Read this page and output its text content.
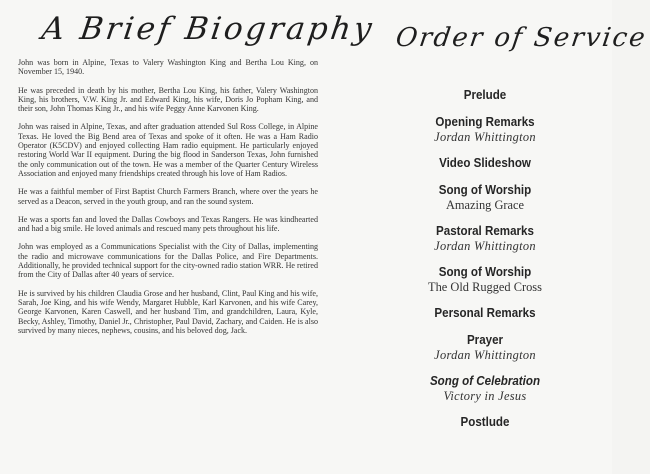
A Brief Biography

John was born in Alpine, Texas to Valery Washington King and Bertha Lou King, on November 15, 1940.

He was preceded in death by his mother, Bertha Lou King, his father, Valery Washington King, his brothers, V.W. King Jr. and Edward King, his wife, Doris Jo Popham King, and their son, John Thomas King Jr., and his wife Peggy Anne Karvonen King.

John was raised in Alpine, Texas, and after graduation attended Sul Ross College, in Alpine Texas. He loved the Big Bend area of Texas and spoke of it often. He was a Ham Radio Operator (K5CDV) and enjoyed collecting Ham radio equipment. He particularly enjoyed restoring World War II equipment. During the big flood in Sanderson Texas, John furnished the only communication out of the town. He was a member of the Quarter Century Wireless Association and enjoyed many friendships created through his love of Ham Radios.

He was a faithful member of First Baptist Church Farmers Branch, where over the years he served as a Deacon, served in the youth group, and ran the sound system.

He was a sports fan and loved the Dallas Cowboys and Texas Rangers. He was kindhearted and had a big smile. He loved animals and rescued many pets throughout his life.

John was employed as a Communications Specialist with the City of Dallas, implementing the radio and microwave communications for the Dallas Police, and Fire Departments. Additionally, he provided technical support for the city-owned radio station WRR. He retired from the City of Dallas after 40 years of service.

He is survived by his children Claudia Grose and her husband, Clint, Paul King and his wife, Sarah, Joe King, and his wife Wendy, Margaret Hubble, Karl Karvonen, and his wife Carey, George Karvonen, Karen Caswell, and her husband Tim, and grandchildren, Laura, Kyle, Becky, Ashley, Timothy, Daniel Jr., Christopher, Paul David, Zachary, and Caiden. He is also survived by many nieces, nephews, cousins, and his beloved dog, Jack.

Order of Service
Prelude
Opening Remarks
Jordan Whittington
Video Slideshow
Song of Worship
Amazing Grace
Pastoral Remarks
Jordan Whittington
Song of Worship
The Old Rugged Cross
Personal Remarks
Prayer
Jordan Whittington
Song of Celebration
Victory in Jesus
Postlude
